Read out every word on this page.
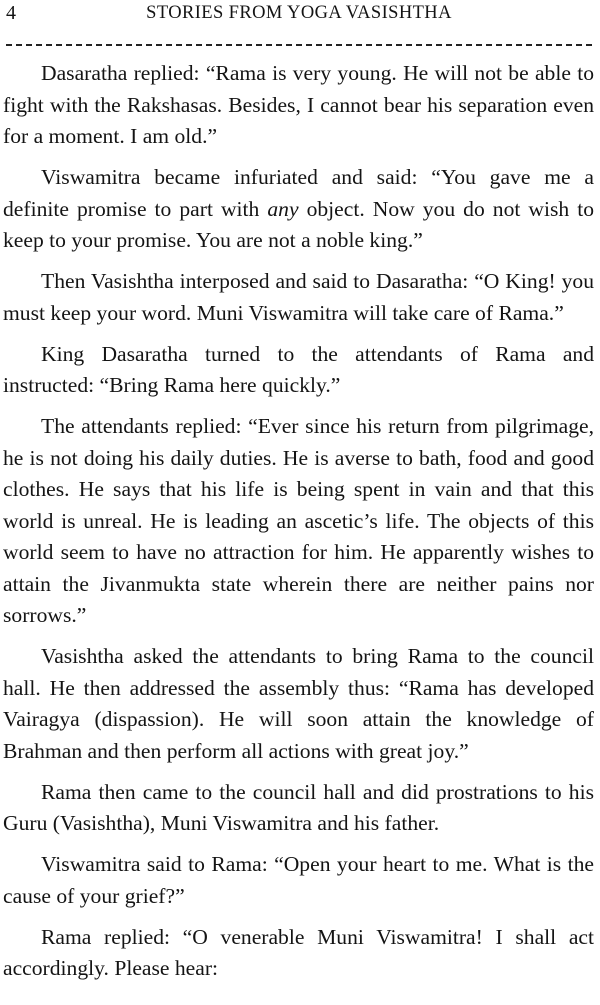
4	STORIES FROM YOGA VASISHTHA

Dasaratha replied: “Rama is very young. He will not be able to fight with the Rakshasas. Besides, I cannot bear his separation even for a moment. I am old.”

Viswamitra became infuriated and said: “You gave me a definite promise to part with any object. Now you do not wish to keep to your promise. You are not a noble king.”

Then Vasishtha interposed and said to Dasaratha: “O King! you must keep your word. Muni Viswamitra will take care of Rama.”

King Dasaratha turned to the attendants of Rama and instructed: “Bring Rama here quickly.”

The attendants replied: “Ever since his return from pilgrimage, he is not doing his daily duties. He is averse to bath, food and good clothes. He says that his life is being spent in vain and that this world is unreal. He is leading an ascetic’s life. The objects of this world seem to have no attraction for him. He apparently wishes to attain the Jivanmukta state wherein there are neither pains nor sorrows.”

Vasishtha asked the attendants to bring Rama to the council hall. He then addressed the assembly thus: “Rama has developed Vairagya (dispassion). He will soon attain the knowledge of Brahman and then perform all actions with great joy.”

Rama then came to the council hall and did prostrations to his Guru (Vasishtha), Muni Viswamitra and his father.

Viswamitra said to Rama: “Open your heart to me. What is the cause of your grief?”

Rama replied: “O venerable Muni Viswamitra! I shall act accordingly. Please hear:
